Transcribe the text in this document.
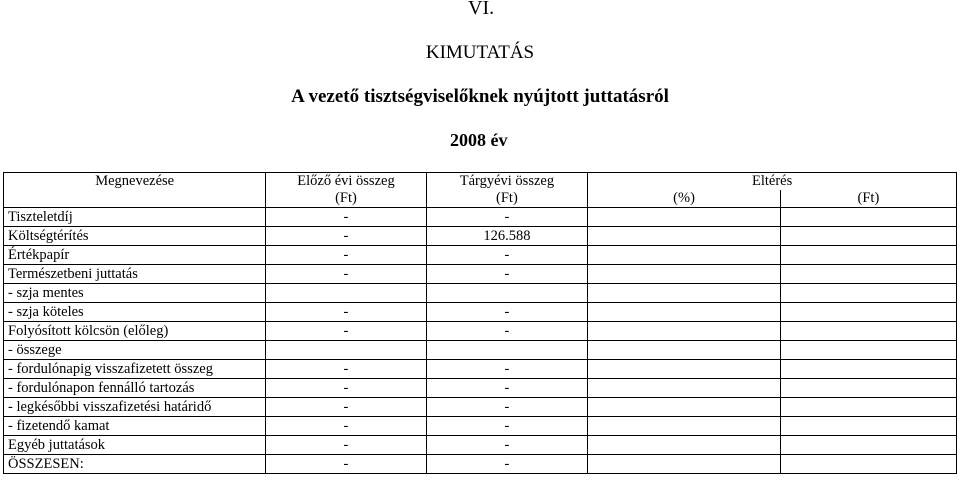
VI.
KIMUTATÁS
A vezető tisztségviselőknek nyújtott juttatásról
2008 év
Megnevezése	Előző évi összeg	Tárgyévi összeg	Eltérés	
	(Ft)	(Ft)	(%)	(Ft)
Tiszteletdíj	-	-		
Költségtérítés	-	126.588		
Értékpapír	-	-		
Természetbeni juttatás	-	-		
- szja mentes				
- szja köteles	-	-		
Folyósított kölcsön (előleg)	-	-		
- összege				
- fordulónapig visszafizetett összeg	-	-		
- fordulónapon fennálló tartozás	-	-		
- legkésőbbi visszafizetési határidő	-	-		
- fizetendő kamat	-	-		
Egyéb juttatások	-	-		
ÖSSZESEN:	-	-		
